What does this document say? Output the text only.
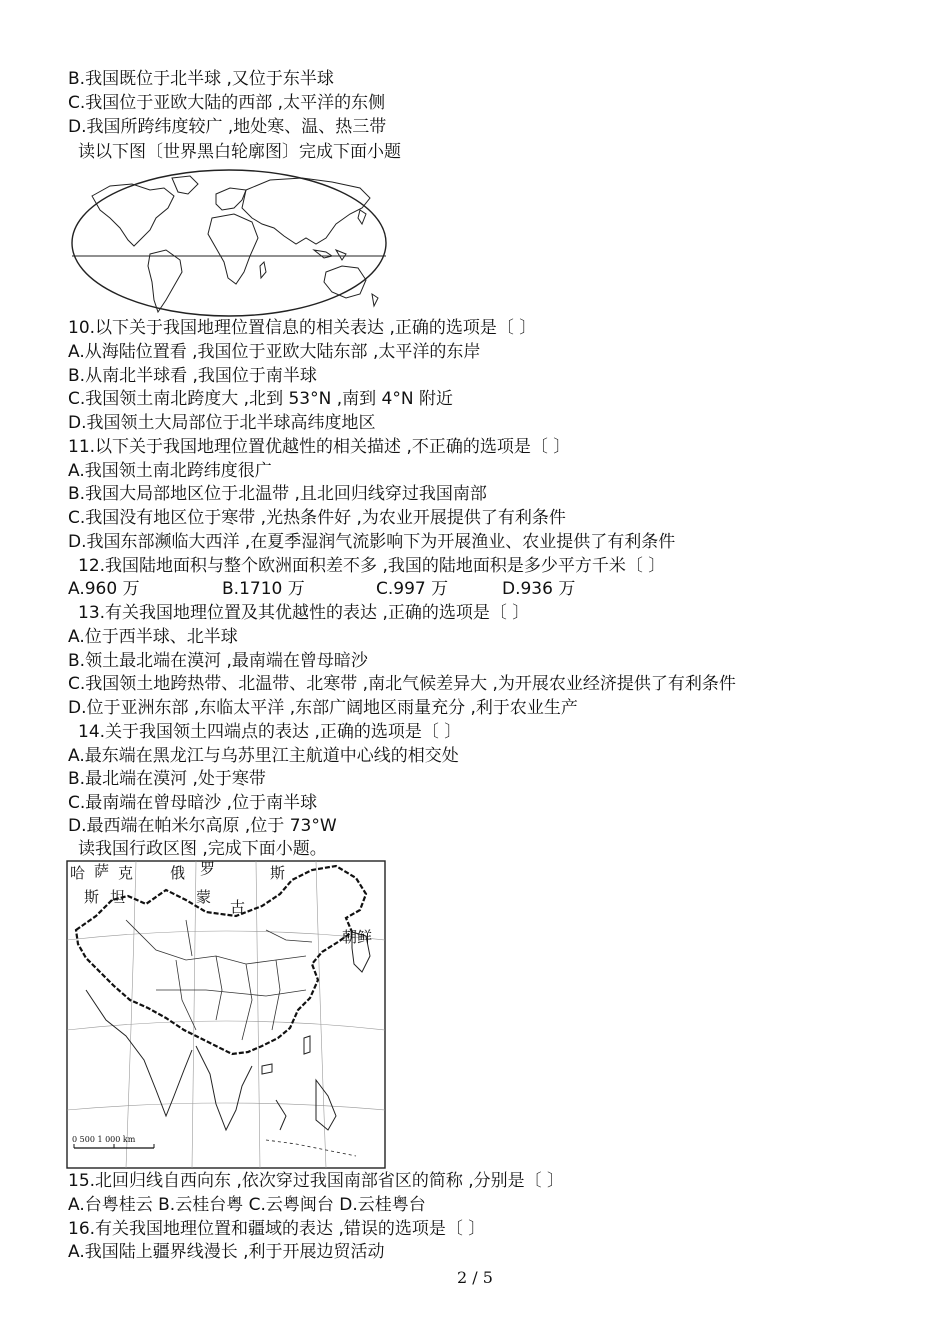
B.我国既位于北半球 ,又位于东半球
C.我国位于亚欧大陆的西部 ,太平洋的东侧
D.我国所跨纬度较广 ,地处寒、温、热三带
读以下图〔世界黑白轮廓图〕完成下面小题
10.以下关于我国地理位置信息的相关表达 ,正确的选项是〔 〕
A.从海陆位置看 ,我国位于亚欧大陆东部 ,太平洋的东岸
B.从南北半球看 ,我国位于南半球
C.我国领土南北跨度大 ,北到 53°N ,南到 4°N 附近
D.我国领土大局部位于北半球高纬度地区
11.以下关于我国地理位置优越性的相关描述 ,不正确的选项是〔 〕
A.我国领土南北跨纬度很广
B.我国大局部地区位于北温带 ,且北回归线穿过我国南部
C.我国没有地区位于寒带 ,光热条件好 ,为农业开展提供了有利条件
D.我国东部濒临大西洋 ,在夏季湿润气流影响下为开展渔业、农业提供了有利条件
12.我国陆地面积与整个欧洲面积差不多 ,我国的陆地面积是多少平方千米〔 〕
A.960 万	B.1710 万	C.997 万	D.936 万
13.有关我国地理位置及其优越性的表达 ,正确的选项是〔 〕
A.位于西半球、北半球
B.领土最北端在漠河 ,最南端在曾母暗沙
C.我国领土地跨热带、北温带、北寒带 ,南北气候差异大 ,为开展农业经济提供了有利条件
D.位于亚洲东部 ,东临太平洋 ,东部广阔地区雨量充分 ,利于农业生产
14.关于我国领土四端点的表达 ,正确的选项是〔 〕
A.最东端在黑龙江与乌苏里江主航道中心线的相交处
B.最北端在漠河 ,处于寒带
C.最南端在曾母暗沙 ,位于南半球
D.最西端在帕米尔高原 ,位于 73°W
读我国行政区图 ,完成下面小题。
0 500 1 000 km
哈 萨 克
斯 坦
俄 罗	斯
蒙
古
朝鲜
15.北回归线自西向东 ,依次穿过我国南部省区的简称 ,分别是〔 〕
A.台粤桂云 B.云桂台粤 C.云粤闽台 D.云桂粤台
16.有关我国地理位置和疆域的表达 ,错误的选项是〔 〕
A.我国陆上疆界线漫长 ,利于开展边贸活动
2 / 5
